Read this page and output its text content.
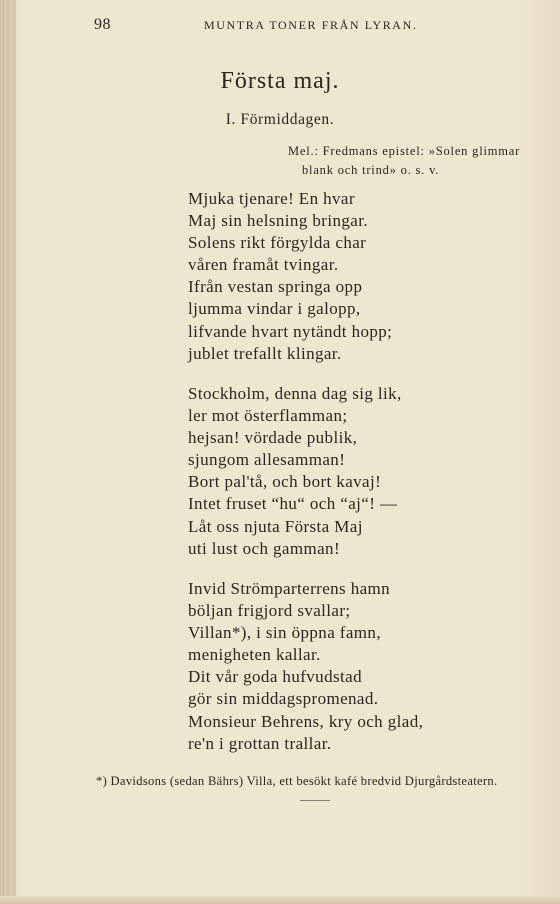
98	MUNTRA TONER FRÅN LYRAN.
Första maj.
I. Förmiddagen.
Mel.: Fredmans epistel: »Solen glimmar
blank och trind» o. s. v.
Mjuka tjenare! En hvar
Maj sin helsning bringar.
Solens rikt förgylda char
våren framåt tvingar.
Ifrån vestan springa opp
ljumma vindar i galopp,
lifvande hvart nytändt hopp;
jublet trefallt klingar.
Stockholm, denna dag sig lik,
ler mot österflamman;
hejsan! vördade publik,
sjungom allesamman!
Bort pal'tå, och bort kavaj!
Intet fruset “hu“ och “aj“! —
Låt oss njuta Första Maj
uti lust och gamman!
Invid Strömparterrens hamn
böljan frigjord svallar;
Villan*), i sin öppna famn,
menigheten kallar.
Dit vår goda hufvudstad
gör sin middagspromenad.
Monsieur Behrens, kry och glad,
re'n i grottan trallar.
*) Davidsons (sedan Bährs) Villa, ett besökt kafé bredvid Djurgårdsteatern.
